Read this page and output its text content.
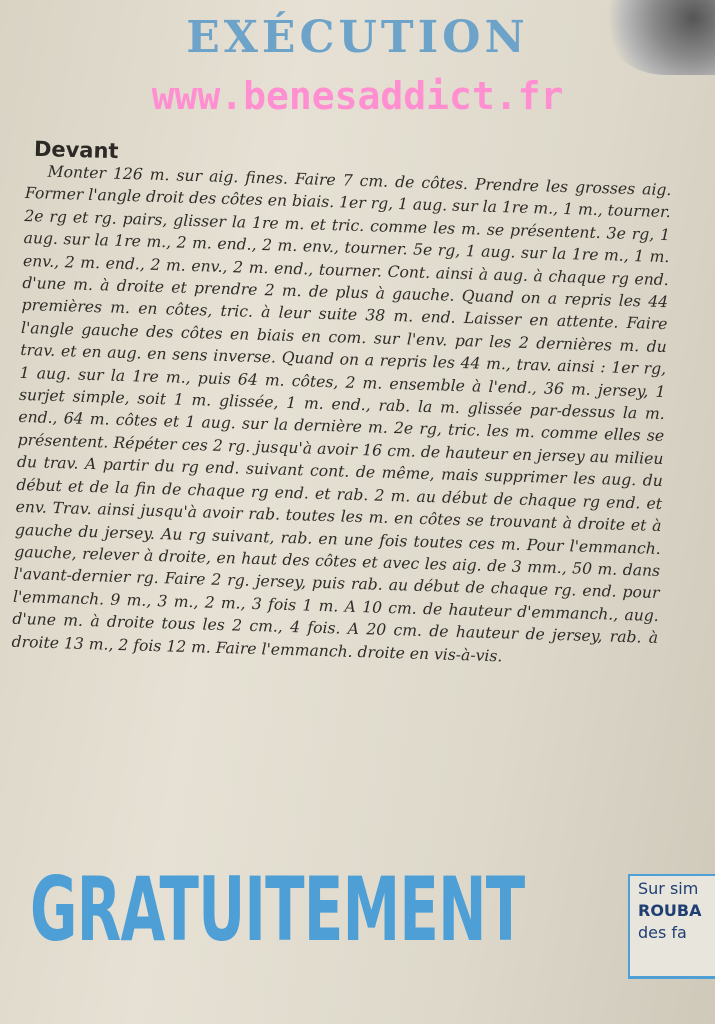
EXÉCUTION
www.benesaddict.fr
Devant

Monter 126 m. sur aig. fines. Faire 7 cm. de côtes. Prendre les grosses aig. Former l'angle droit des côtes en biais. 1er rg, 1 aug. sur la 1re m., 1 m., tourner. 2e rg et rg. pairs, glisser la 1re m. et tric. comme les m. se présentent. 3e rg, 1 aug. sur la 1re m., 2 m. end., 2 m. env., tourner. 5e rg, 1 aug. sur la 1re m., 1 m. env., 2 m. end., 2 m. env., 2 m. end., tourner. Cont. ainsi à aug. à chaque rg end. d'une m. à droite et prendre 2 m. de plus à gauche. Quand on a repris les 44 premières m. en côtes, tric. à leur suite 38 m. end. Laisser en attente. Faire l'angle gauche des côtes en biais en com. sur l'env. par les 2 dernières m. du trav. et en aug. en sens inverse. Quand on a repris les 44 m., trav. ainsi : 1er rg, 1 aug. sur la 1re m., puis 64 m. côtes, 2 m. ensemble à l'end., 36 m. jersey, 1 surjet simple, soit 1 m. glissée, 1 m. end., rab. la m. glissée par-dessus la m. end., 64 m. côtes et 1 aug. sur la dernière m. 2e rg, tric. les m. comme elles se présentent. Répéter ces 2 rg. jusqu'à avoir 16 cm. de hauteur en jersey au milieu du trav. A partir du rg end. suivant cont. de même, mais supprimer les aug. du début et de la fin de chaque rg end. et rab. 2 m. au début de chaque rg end. et env. Trav. ainsi jusqu'à avoir rab. toutes les m. en côtes se trouvant à droite et à gauche du jersey. Au rg suivant, rab. en une fois toutes ces m. Pour l'emmanch. gauche, relever à droite, en haut des côtes et avec les aig. de 3 mm., 50 m. dans l'avant-dernier rg. Faire 2 rg. jersey, puis rab. au début de chaque rg. end. pour l'emmanch. 9 m., 3 m., 2 m., 3 fois 1 m. A 10 cm. de hauteur d'emmanch., aug. d'une m. à droite tous les 2 cm., 4 fois. A 20 cm. de hauteur de jersey, rab. à droite 13 m., 2 fois 12 m. Faire l'emmanch. droite en vis-à-vis.

GRATUITEMENT	Sur sim
ROUBA
des fa
